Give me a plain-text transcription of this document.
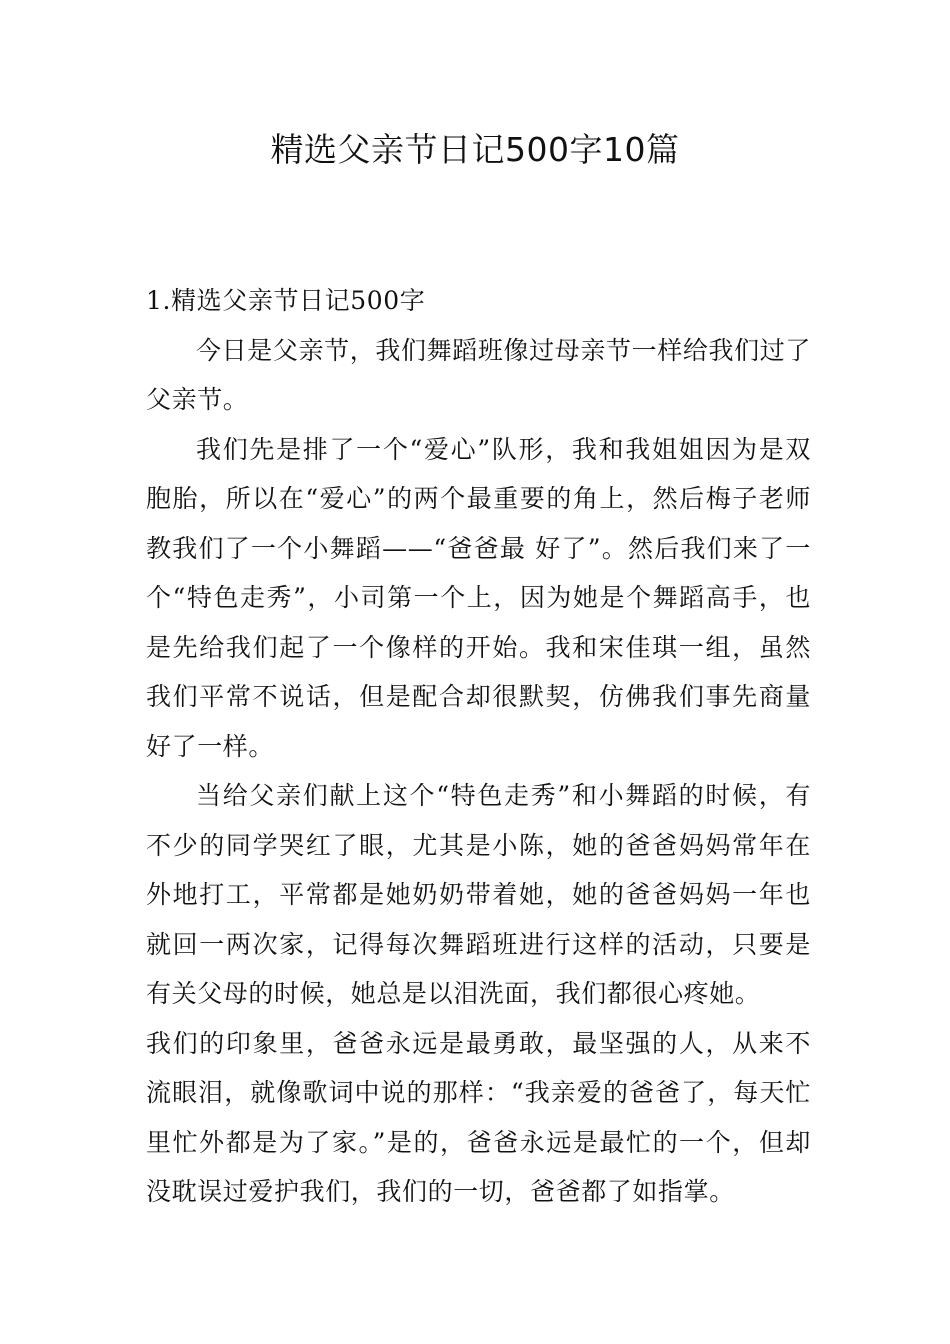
精选父亲节日记500字10篇

1.精选父亲节日记500字

今日是父亲节，我们舞蹈班像过母亲节一样给我们过了父亲节。

我们先是排了一个“爱心”队形，我和我姐姐因为是双胞胎，所以在“爱心”的两个最重要的角上，然后梅子老师教我们了一个小舞蹈——“爸爸最 好了”。然后我们来了一个“特色走秀”，小司第一个上，因为她是个舞蹈高手，也是先给我们起了一个像样的开始。我和宋佳琪一组，虽然我们平常不说话，但是配合却很默契，仿佛我们事先商量好了一样。

当给父亲们献上这个“特色走秀”和小舞蹈的时候，有不少的同学哭红了眼，尤其是小陈，她的爸爸妈妈常年在外地打工，平常都是她奶奶带着她，她的爸爸妈妈一年也就回一两次家，记得每次舞蹈班进行这样的活动，只要是有关父母的时候，她总是以泪洗面，我们都很心疼她。

我们的印象里，爸爸永远是最勇敢，最坚强的人，从来不流眼泪，就像歌词中说的那样：“我亲爱的爸爸了，每天忙里忙外都是为了家。”是的，爸爸永远是最忙的一个，但却没耽误过爱护我们，我们的一切，爸爸都了如指掌。
